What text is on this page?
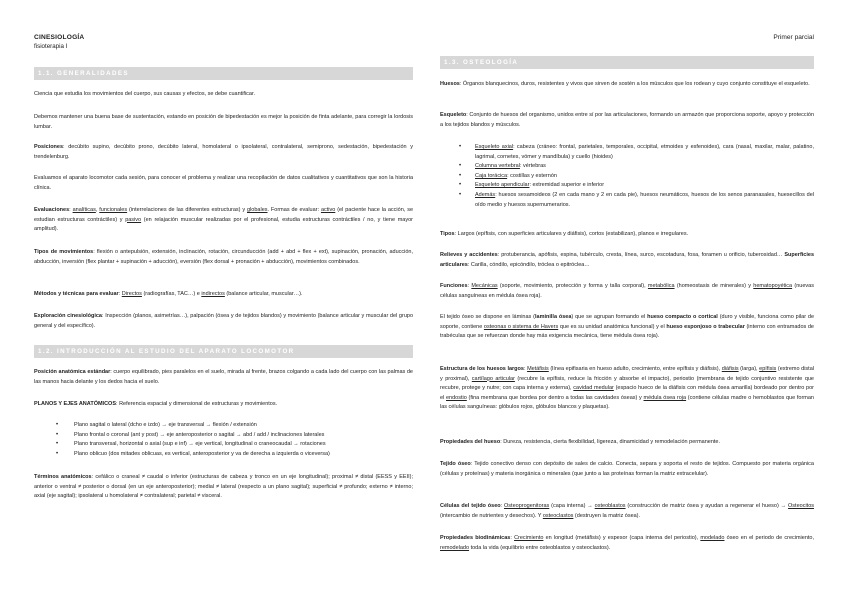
CINESIOLOGÍA
fisioterapia I
Primer parcial
1.1. GENERALIDADES

Ciencia que estudia los movimientos del cuerpo, sus causas y efectos, se debe cuantificar.

Debemos mantener una buena base de sustentación, estando en posición de bipedestación es mejor la posición de finta adelante, para corregir la lordosis lumbar.

Posiciones: decúbito supino, decúbito prono, decúbito lateral, homolateral o ipsolateral, contralateral, semiprono, sedestación, bipedestación y trendelenburg.

Evaluamos el aparato locomotor cada sesión, para conocer el problema y realizar una recopilación de datos cualitativos y cuantitativos que son la historia clínica.

Evaluaciones: analíticas, funcionales (interrelaciones de las diferentes estructuras) y globales. Formas de evaluar: activo (el paciente hace la acción, se estudian estructuras contráctiles) y pasivo (en relajación muscular realizadas por el profesional, estudia estructuras contráctiles / no, y tiene mayor amplitud).

Tipos de movimientos: flexión o antepulsión, extensión, inclinación, rotación, circunducción (add + abd + flex + ext), supinación, pronación, aducción, abducción, inversión (flex plantar + supinación + aducción), eversión (flex dorsal + pronación + abducción), movimientos combinados.

Métodos y técnicas para evaluar: Directos (radiografías, TAC…) e indirectos (balance articular, muscular…).

Exploración cinesiológica: Inspección (planos, asimetrías…), palpación (ósea y de tejidos blandos) y movimiento (balance articular y muscular del grupo general y del específico).

1.2. INTRODUCCIÓN AL ESTUDIO DEL APARATO LOCOMOTOR

Posición anatómica estándar: cuerpo equilibrado, pies paralelos en el suelo, mirada al frente, brazos colgando a cada lado del cuerpo con las palmas de las manos hacia delante y los dedos hacia el suelo.

PLANOS Y EJES ANATÓMICOS: Referencia espacial y dimensional de estructuras y movimientos.

•	Plano sagital o lateral (dcho e izdo) → eje transversal → flexión / extensión
•	Plano frontal o coronal (ant y post) → eje anteroposterior o sagital → abd / add / inclinaciones laterales
•	Plano transversal, horizontal o axial (sup e inf) → eje vertical, longitudinal o craneocaudal → rotaciones
•	Plano oblicuo (dos mitades oblicuas, es vertical, anteroposterior y va de derecha a izquierda o viceversa)

Términos anatómicos: cefálico o craneal ≠ caudal o inferior (estructuras de cabeza y tronco en un eje longitudinal); proximal ≠ distal (EESS y EEII); anterior o ventral ≠ posterior o dorsal (en un eje anteroposterior); medial ≠ lateral (respecto a un plano sagital); superficial ≠ profundo; externo ≠ interno; axial (eje sagital); ipsolateral u homolateral ≠ contralateral; parietal ≠ visceral.

1.3. OSTEOLOGÍA

Huesos: Órganos blanquecinos, duros, resistentes y vivos que sirven de sostén a los músculos que los rodean y cuyo conjunto constituye el esqueleto.

Esqueleto: Conjunto de huesos del organismo, unidos entre sí por las articulaciones, formando un armazón que proporciona soporte, apoyo y protección a los tejidos blandos y músculos.

•	Esqueleto axial: cabeza (cráneo: frontal, parietales, temporales, occipital, etmoides y esfenoides), cara (nasal, maxilar, malar, palatino, lagrimal, cornetes, vómer y mandíbula) y cuello (hioides)
•	Columna vertebral: vértebras
•	Caja torácica: costillas y esternón
•	Esqueleto apendicular: extremidad superior e inferior
•	Además: huesos sesamoideos (2 en cada mano y 2 en cada pie), huesos neumáticos, huesos de los senos paranasales, huesecillos del oído medio y huesos supernumerarios.

Tipos: Largos (epífisis, con superficies articulares y diáfisis), cortos (estabilizan), planos e irregulares.

Relieves y accidentes: protuberancia, apófisis, espina, tubérculo, cresta, línea, surco, escotadura, fosa, foramen u orificio, tuberosidad… Superficies articulares: Carilla, cóndilo, epicóndilo, tróclea o epitróclea…

Funciones: Mecánicas (soporte, movimiento, protección y forma y talla corporal), metabólica (homeostasis de minerales) y hematopoyética (nuevas células sanguíneas en médula ósea roja).

El tejido óseo se dispone en láminas (laminilla ósea) que se agrupan formando el hueso compacto o cortical (duro y visible, funciona como pilar de soporte, contiene osteonas o sistema de Havers que es su unidad anatómica funcional) y el hueso esponjoso o trabecular (interno con entramados de trabéculas que se refuerzan donde hay más exigencia mecánica, tiene médula ósea roja).

Estructura de los huesos largos: Metáfisis (línea epifisaria en hueso adulto, crecimiento, entre epífisis y diáfisis), diáfisis (larga), epífisis (extremo distal y proximal), cartílago articular (recubre la epífisis, reduce la fricción y absorbe el impacto), periostio (membrana de tejido conjuntivo resistente que recubre, protege y nutre; con capa interna y externa), cavidad medular (espacio hueco de la diáfisis con médula ósea amarilla) bordeado por dentro por el endostio (fina membrana que bordea por dentro a todas las cavidades óseas) y médula ósea roja (contiene células madre o hemoblastos que forman las células sanguíneas: glóbulos rojos, glóbulos blancos y plaquetas).

Propiedades del hueso: Dureza, resistencia, cierta flexibilidad, ligereza, dinamicidad y remodelación permanente.

Tejido óseo: Tejido conectivo denso con depósito de sales de calcio. Conecta, separa y soporta el resto de tejidos. Compuesto por materia orgánica (células y proteínas) y materia inorgánica o minerales (que junto a las proteínas forman la matriz extracelular).

Células del tejido óseo: Osteoprogenitoras (capa interna) → osteoblastos (construcción de matriz ósea y ayudan a regenerar el hueso) → Osteocitos (intercambio de nutrientes y desechos). Y osteoclastos (destruyen la matriz ósea).

Propiedades biodinámicas: Crecimiento en longitud (metáfisis) y espesor (capa interna del periostio), modelado óseo en el periodo de crecimiento, remodelado toda la vida (equilibrio entre osteoblastos y osteoclastos).
